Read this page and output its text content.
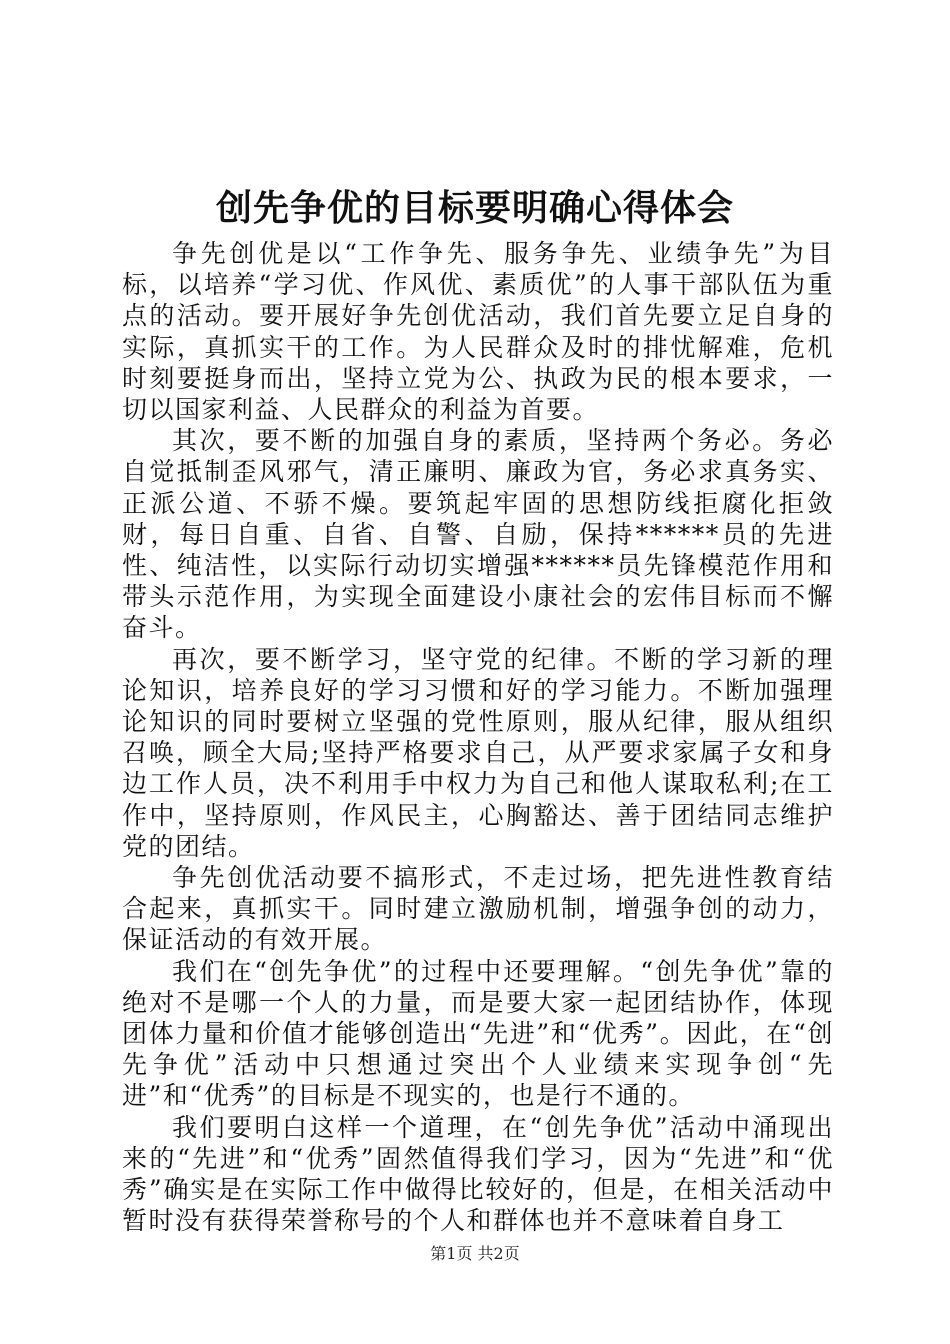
创先争优的目标要明确心得体会

争先创优是以“工作争先、服务争先、业绩争先”为目标，以培养“学习优、作风优、素质优”的人事干部队伍为重点的活动。要开展好争先创优活动，我们首先要立足自身的实际，真抓实干的工作。为人民群众及时的排忧解难，危机时刻要挺身而出，坚持立党为公、执政为民的根本要求，一切以国家利益、人民群众的利益为首要。

其次，要不断的加强自身的素质，坚持两个务必。务必自觉抵制歪风邪气，清正廉明、廉政为官，务必求真务实、正派公道、不骄不燥。要筑起牢固的思想防线拒腐化拒敛财，每日自重、自省、自警、自励，保持******员的先进性、纯洁性，以实际行动切实增强******员先锋模范作用和带头示范作用，为实现全面建设小康社会的宏伟目标而不懈奋斗。

再次，要不断学习，坚守党的纪律。不断的学习新的理论知识，培养良好的学习习惯和好的学习能力。不断加强理论知识的同时要树立坚强的党性原则，服从纪律，服从组织召唤，顾全大局;坚持严格要求自己，从严要求家属子女和身边工作人员，决不利用手中权力为自己和他人谋取私利;在工作中，坚持原则，作风民主，心胸豁达、善于团结同志维护党的团结。

争先创优活动要不搞形式，不走过场，把先进性教育结合起来，真抓实干。同时建立激励机制，增强争创的动力，保证活动的有效开展。

我们在“创先争优”的过程中还要理解。“创先争优”靠的绝对不是哪一个人的力量，而是要大家一起团结协作，体现团体力量和价值才能够创造出“先进”和“优秀”。因此，在“创先争优”活动中只想通过突出个人业绩来实现争创“先进”和“优秀”的目标是不现实的，也是行不通的。

我们要明白这样一个道理，在“创先争优”活动中涌现出来的“先进”和“优秀”固然值得我们学习，因为“先进”和“优秀”确实是在实际工作中做得比较好的，但是，在相关活动中暂时没有获得荣誉称号的个人和群体也并不意味着自身工

第1页 共2页
